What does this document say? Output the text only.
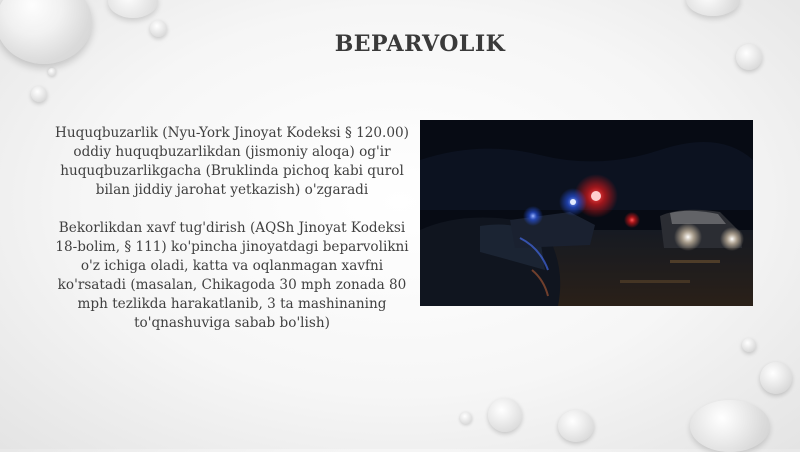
BEPARVOLIK

Huquqbuzarlik (Nyu-York Jinoyat Kodeksi § 120.00) oddiy huquqbuzarlikdan (jismoniy aloqa) og'ir huquqbuzarlikgacha (Bruklinda pichoq kabi qurol bilan jiddiy jarohat yetkazish) o'zgaradi

Bekorlikdan xavf tug'dirish (AQSh Jinoyat Kodeksi 18-bolim, § 111) ko'pincha jinoyatdagi beparvolikni o'z ichiga oladi, katta va oqlanmagan xavfni ko'rsatadi (masalan, Chikagoda 30 mph zonada 80 mph tezlikda harakatlanib, 3 ta mashinaning to'qnashuviga sabab bo'lish)
